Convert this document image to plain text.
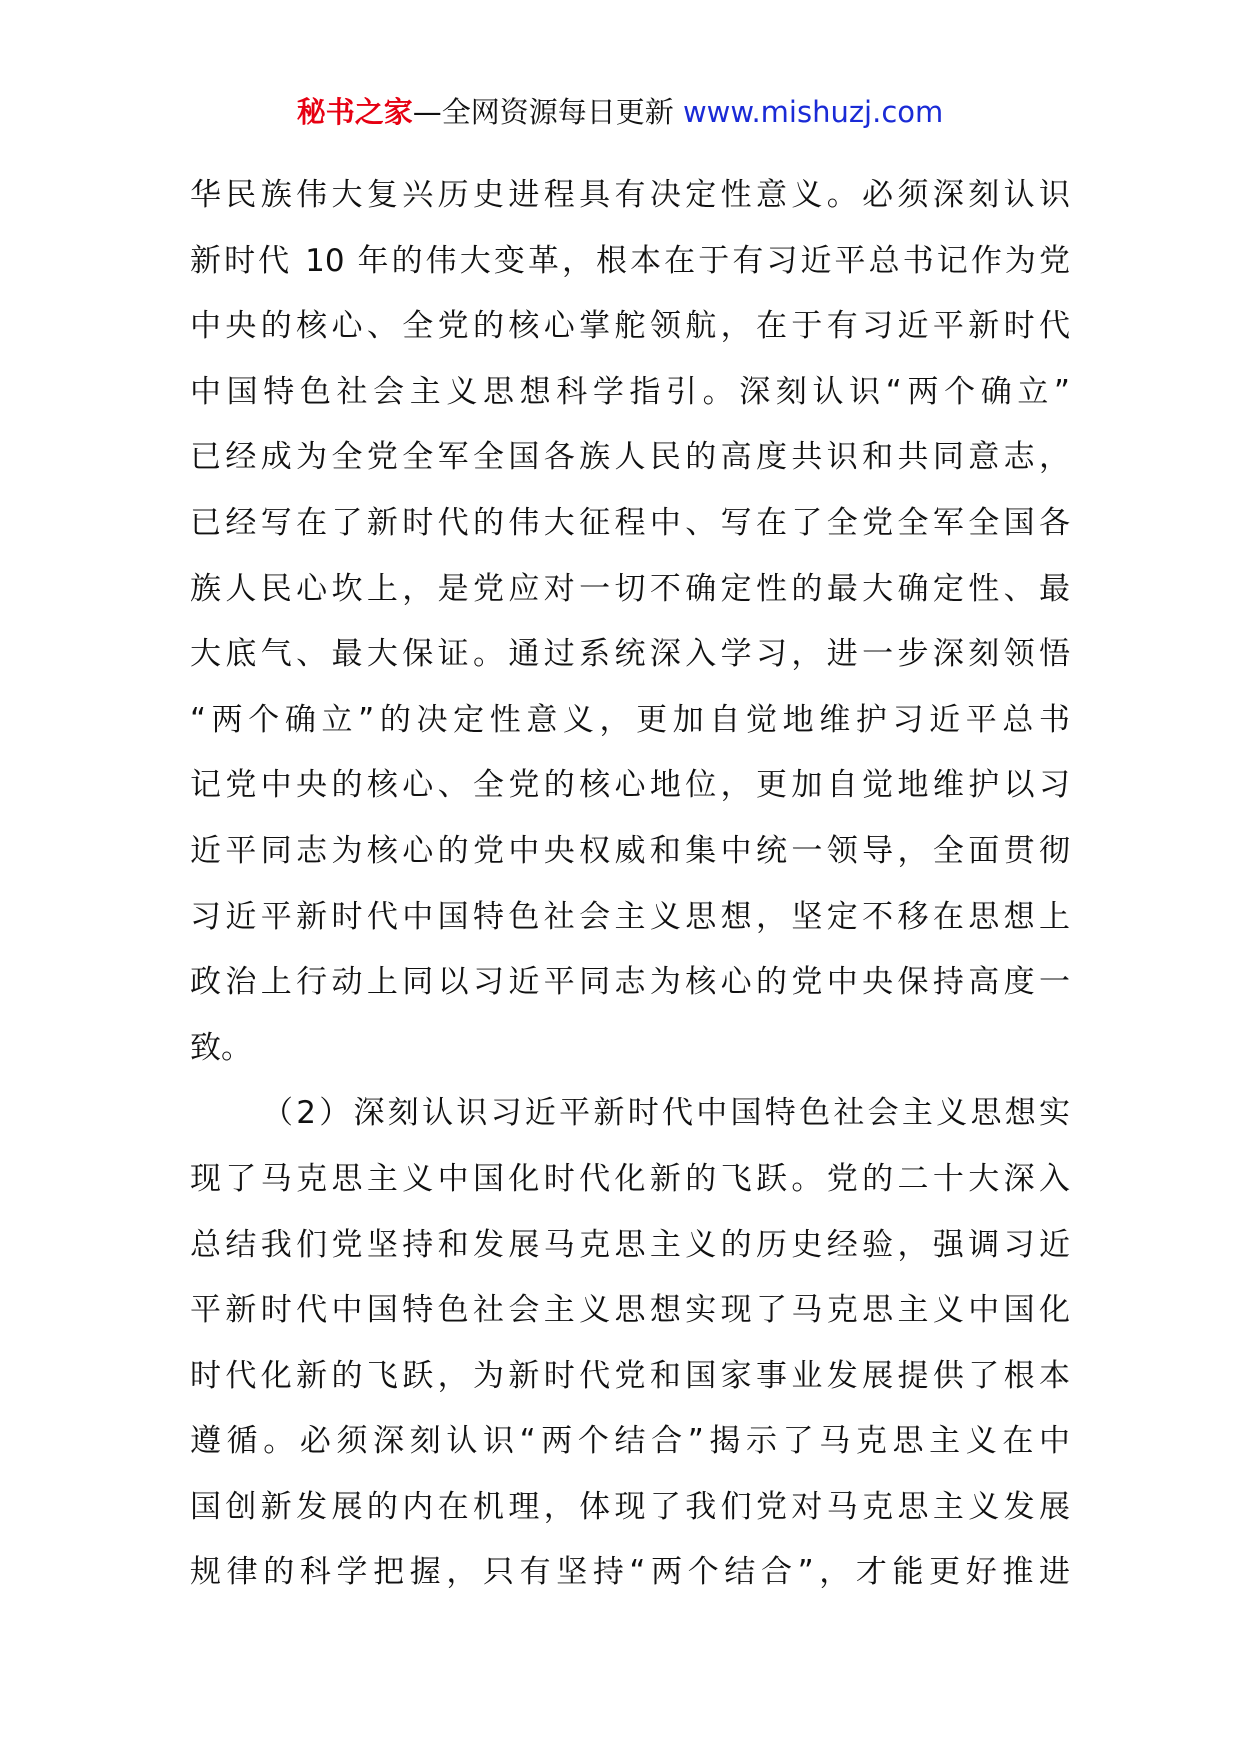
秘书之家—全网资源每日更新 www.mishuzj.com
华民族伟大复兴历史进程具有决定性意义。必须深刻认识
新时代 10 年的伟大变革，根本在于有习近平总书记作为党
中央的核心、全党的核心掌舵领航，在于有习近平新时代
中国特色社会主义思想科学指引。深刻认识“两个确立”
已经成为全党全军全国各族人民的高度共识和共同意志，
已经写在了新时代的伟大征程中、写在了全党全军全国各
族人民心坎上，是党应对一切不确定性的最大确定性、最
大底气、最大保证。通过系统深入学习，进一步深刻领悟
“两个确立”的决定性意义，更加自觉地维护习近平总书
记党中央的核心、全党的核心地位，更加自觉地维护以习
近平同志为核心的党中央权威和集中统一领导，全面贯彻
习近平新时代中国特色社会主义思想，坚定不移在思想上
政治上行动上同以习近平同志为核心的党中央保持高度一
致。
（2）深刻认识习近平新时代中国特色社会主义思想实
现了马克思主义中国化时代化新的飞跃。党的二十大深入
总结我们党坚持和发展马克思主义的历史经验，强调习近
平新时代中国特色社会主义思想实现了马克思主义中国化
时代化新的飞跃，为新时代党和国家事业发展提供了根本
遵循。必须深刻认识“两个结合”揭示了马克思主义在中
国创新发展的内在机理，体现了我们党对马克思主义发展
规律的科学把握，只有坚持“两个结合”，才能更好推进
